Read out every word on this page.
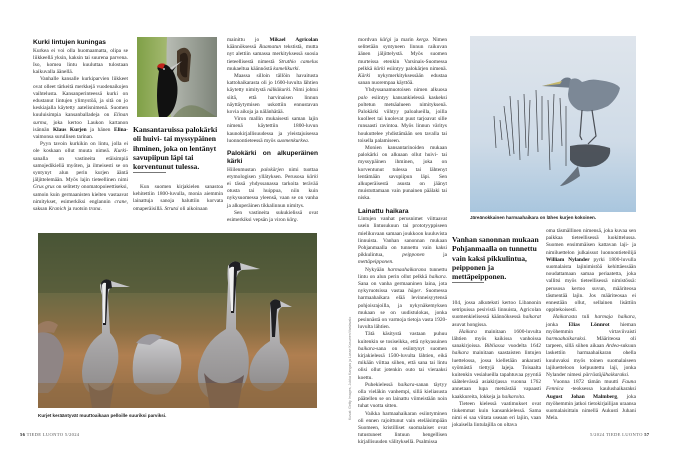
Kurki lintujen kuningas

Kurkea ei voi olla huomaamatta, olipa se liikkeellä yksin, kaksin tai suurena parvena. Iso, komea lintu kuuluttaa tulostaan kaikuvalla äänellä.

Vanhalle kansalle kurkiparvien liikkeet ovat olleet tärkeitä merkkejä vuodenaikojen vaihtelusta. Kansanperinteessä kurki on edustanut lintujen ylimystöä, ja sitä on jo keskiajalla käytetty aatelisnimenä. Suomen kuuluisimpia kansanballadeja on Elinan surma, joka kertoo Laukon kartanon isännän Klaus Kurjen ja hänen Elina-vaimonsa surullisen tarinan.

Pyyn tavoin kurkikin on lintu, jolla ei ole koskaan ollut muuta nimeä. Kurki-sanalla on vastineita etäisimpiä samojedikieliä myöten, ja ilmeisesti se on syntynyt alun perin kurjen ääntä jäljittelemään. Myös lajin tieteellinen nimi Grus grus on selitetty onomatopoieettiseksi, samoin kuin germaanisten kielten vastaavat nimitykset, esimerkiksi englannin crane, saksan Kranich ja ruotsin trana.

Kansantaruissa palokärki oli huivi- tai myssypäinen ihminen, joka on lentänyt savupiipun läpi tai korventunut tulessa.

Kun suomen kirjakielen sanastoa kehitettiin 1800-luvulla, monia aiemmin lainattuja sanoja haluttiin korvata omaperäisillä. Strutsi oli aikoinaan

mainittu jo Mikael Agricolan käännöksessä Raamatun tekstistä, mutta nyt alettiin samassa merkityksessä suosia tieteellisestä nimestä Struthio camelus mukaeltua käännöstä kamelikurki.

Maassa silloin tällöin havaitusta kattohaikarasta oli jo 1600-luvulta lähtien käytetty nimitystä nälkäkurki. Nimi johtui siitä, että harvinaisen linnun näyttäytymisen uskottiin ennustavan kovia aikoja ja nälänhätää.

Viron mallin mukaisesti saman lajin nimenä käytettiin 1800-luvun kaunokirjallisuudessa ja yleistajuisessa luonnontieteessä myös suomenkurkea.

Palokärki on alkuperäinen kärki

Hiilenmustan palokärjen nimi tuottaa etymologisen yllätyksen. Perusosa kärki ei tässä yhdyssanassa tarkoita terävää otusta tai huippua, niin kuin nykysuomessa yleensä, vaan se on vanha ja alkuperäinen tikkalinnun nimitys.

Sen vastineita sukukielissä ovat esimerkiksi vepsän ja viron kärg.

Kurjet kerääntyvät muuttoaikaan pelloille suuriksi parviksi.
56 TIEDE LUONTO 5/2024

mordvan käŕgi ja marin kergə. Nimen selitetään syntyneen linnun raikuvan äänen jäljittelystä. Myös suomen murteissa etenkin Varsinais-Suomessa pelkkä kärki esiintyy palokärjen nimenä. Kärki nykymerkityksessään edustaa sanan nuorempaa käyttöä.

Yhdyssanamuotoisen nimen alkuosa palo esiintyy kansankielessä kaskeksi poltetun metsäalueen nimityksenä. Palokärki viihtyy paloalueilla, joilla kuolleet tai kuolevat puut tarjoavat sille runsaasti ravintoa. Myös linnun väritys houkuttelee yhdistämään sen tavalla tai toisella palamiseen.

Monien kansantarinoiden mukaan palokärki on alkuaan ollut huivi- tai myssypäinen ihminen, joka on korventunut tulessa tai lähtenyt lentämään savupiipun läpi. Sen alkuperäisestä asusta on jäänyt muistuttamaan vain punainen päälaki tai niska.

Lainattu haikara

Lintujen vanhat perusnimet viittaavat usein lintusukuun tai prototyyppiseen mielikuvaan samaan joukkoon kuuluvista linnuista. Vanhan sanonnan mukaan Pohjanmaalla on tunnettu vain kaksi pikkulintua, peipponen ja mettäpeipponen.

Nykyään harmaahaikarana tunnettu lintu on alun perin ollut pelkkä haikara. Sana on vanha germaaninen laina, jota nykyruotsissa vastaa häger. Suomessa harmaahaikara elää levinneisyytensä pohjoisrajoilla, ja nykynäkemyksen mukaan se on uudistulokas, jonka pesinnästä on varmoja tietoja vasta 1920-luvulta lähtien.

Tätä käsitystä vastaan puhuu kuitenkin se tosiseikka, että nykyasuinen haikara-sana on esiintynyt suomen kirjakielessä 1500-luvulta lähtien, eikä mikään viittaa siihen, että sana tai lintu olisi ollut jotenkin outo tai vieraaksi koettu.

Puhekielessä haikara-sanan täytyy olla vieläkin vanhempi, sillä kieliasusta päätellen se on lainattu viimeistään noin tuhat vuotta sitten.

Vaikka harmaahaikaran esiintyminen oli ennen rajoittunut vain eteläisimpään Suomeen, kristilliset suomalaiset ovat tutustuneet lintuun hengellisen kirjallisuuden välityksellä. Psalmissa

Kuvat: Getty Images, Jukka Kangas ja Lasse Kosunen/Vastavalo
Järeänokkainen harmaahaikara on lähes kurjen kokoinen.
Vanhan sanonnan mukaan Pohjanmaalla on tunnettu vain kaksi pikkulintua, peipponen ja mettäpeipponen.

104, jossa alkuteksti kertoo Libanonin setripuissa pesivistä linnuista, Agricolan suomenkielisessä käännöksessä haikarat asuvat hongissa.

Haikara mainitaan 1600-luvulta lähtien myös kaikissa vanhoissa sanakirjoissa. Bibliassa vuodelta 1642 haikara mainitaan saastaisten lintujen luettelossa, jossa kielletään ankarasti syömästä tiettyjä lajeja. Toisaalta kuitenkin vesialueilla tapahtuvaa pyyntiä säätelevässä asiakirjassa vuonna 1762 annetaan lupa metsästää vapaasti kaakkureita, lokkeja ja haikaroita.

Tieteen kielessä vaatimukset ovat tiukemmat kuin kansankielessä. Sama nimi ei saa viitata useaan eri lajiin, vaan jokaisella lintulajilla on oltava

oma täsmällinen nimensä, joka kuvaa sen paikkaa tieteellisessä luokittelussa. Suomen ensimmäisen kattavan laji- ja nimiluettelon julkaissut luonnontieteilijä William Nylander pyrki 1800-luvulla suomalaista lajinimistöä kehittäessään noudattamaan samaa periaatetta, joka vallitsi myös tieteellisessä nimistössä: perusosa kertoo suvun, määriteosa täsmentää lajin. Jos määriteosaa ei ennestään ollut, sellainen lisättiin oppitekoisesti.

Haikarasta tuli harmaja haikara, jonka Elias Lönnrot hieman myöhemmin virtaviivaisti harmaahaikaraksi. Määriteosa oli tarpeen, sillä siihen aikaan Ardea-sukuun laskettiin harmaahaikaran ohella kuuluvaksi myös toinen suomalaiseen lajiluetteloon kelpuutettu laji, jonka Nylander nimesi pärrästäjähaikaraksi.

Vuonna 1872 tämän muutti Fauna Fennica -teoksessa kaulushaikaraksi August Johan Malmberg, joka myöhemmin jatkoi tietokirjailijan uraansa suomalaisittain nimellä Aukusti Juhani Mela.

5/2024 TIEDE LUONTO 57
